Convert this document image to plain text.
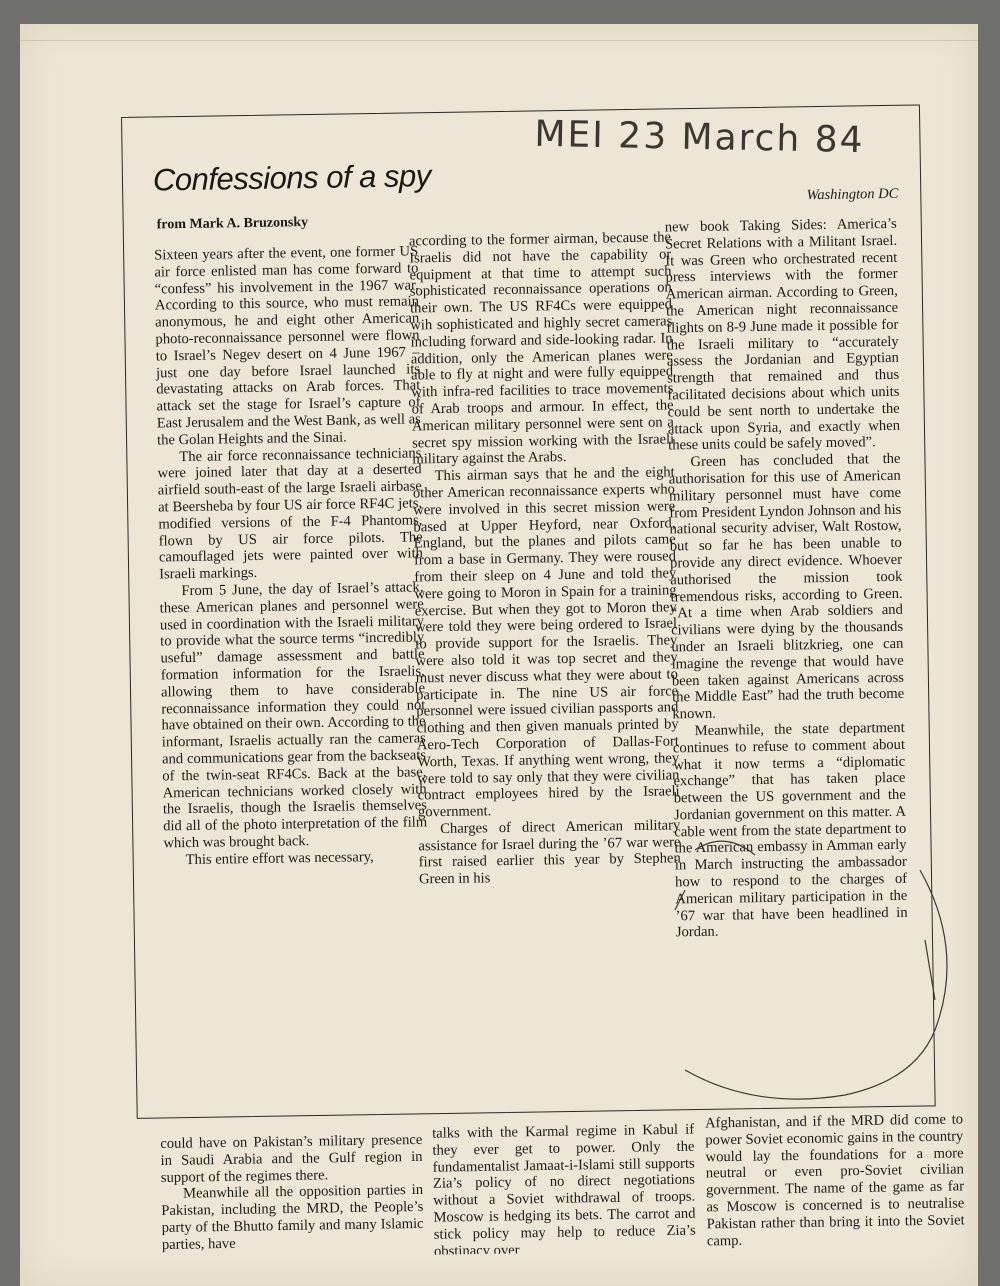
MEI 23 March 84
Confessions of a spy
from Mark A. Bruzonsky
Washington DC

Sixteen years after the event, one former US air force enlisted man has come forward to “confess” his involvement in the 1967 war. According to this source, who must remain anonymous, he and eight other American photo-reconnaissance personnel were flown to Israel’s Negev desert on 4 June 1967 – just one day before Israel launched its devastating attacks on Arab forces. That attack set the stage for Israel’s capture of East Jerusalem and the West Bank, as well as the Golan Heights and the Sinai.

The air force reconnaissance technicians were joined later that day at a deserted airfield south-east of the large Israeli airbase at Beersheba by four US air force RF4C jets, modified versions of the F-4 Phantoms, flown by US air force pilots. The camouflaged jets were painted over with Israeli markings.

From 5 June, the day of Israel’s attack, these American planes and personnel were used in coordination with the Israeli military to provide what the source terms “incredibly useful” damage assessment and battle formation information for the Israelis, allowing them to have considerable reconnaissance information they could not have obtained on their own. According to the informant, Israelis actually ran the cameras and communications gear from the backseats of the twin-seat RF4Cs. Back at the base, American technicians worked closely with the Israelis, though the Israelis themselves did all of the photo interpretation of the film which was brought back.

This entire effort was necessary,

according to the former airman, because the Israelis did not have the capability or equipment at that time to attempt such sophisticated reconnaissance operations on their own. The US RF4Cs were equipped wih sophisticated and highly secret cameras including forward and side-looking radar. In addition, only the American planes were able to fly at night and were fully equipped with infra-red facilities to trace movements of Arab troops and armour. In effect, the American military personnel were sent on a secret spy mission working with the Israeli military against the Arabs.

This airman says that he and the eight other American reconnaissance experts who were involved in this secret mission were based at Upper Heyford, near Oxford, England, but the planes and pilots came from a base in Germany. They were roused from their sleep on 4 June and told they were going to Moron in Spain for a training exercise. But when they got to Moron they were told they were being ordered to Israel to provide support for the Israelis. They were also told it was top secret and they must never discuss what they were about to participate in. The nine US air force personnel were issued civilian passports and clothing and then given manuals printed by Aero-Tech Corporation of Dallas-Fort Worth, Texas. If anything went wrong, they were told to say only that they were civilian contract employees hired by the Israeli government.

Charges of direct American military assistance for Israel during the ’67 war were first raised earlier this year by Stephen Green in his

new book Taking Sides: America’s Secret Relations with a Militant Israel. It was Green who orchestrated recent press interviews with the former American airman. According to Green, the American night reconnaissance flights on 8-9 June made it possible for the Israeli military to “accurately assess the Jordanian and Egyptian strength that remained and thus facilitated decisions about which units could be sent north to undertake the attack upon Syria, and exactly when these units could be safely moved”.

Green has concluded that the authorisation for this use of American military personnel must have come from President Lyndon Johnson and his national security adviser, Walt Rostow, but so far he has been unable to provide any direct evidence. Whoever authorised the mission took tremendous risks, according to Green. “At a time when Arab soldiers and civilians were dying by the thousands under an Israeli blitzkrieg, one can imagine the revenge that would have been taken against Americans across the Middle East” had the truth become known.

Meanwhile, the state department continues to refuse to comment about what it now terms a “diplomatic exchange” that has taken place between the US government and the Jordanian government on this matter. A cable went from the state department to the American embassy in Amman early in March instructing the ambassador how to respond to the charges of American military participation in the ’67 war that have been headlined in Jordan.

could have on Pakistan’s military presence in Saudi Arabia and the Gulf region in support of the regimes there.

Meanwhile all the opposition parties in Pakistan, including the MRD, the People’s party of the Bhutto family and many Islamic parties, have

talks with the Karmal regime in Kabul if they ever get to power. Only the fundamentalist Jamaat-i-Islami still supports Zia’s policy of no direct negotiations without a Soviet withdrawal of troops. Moscow is hedging its bets. The carrot and stick policy may help to reduce Zia’s obstinacy over

Afghanistan, and if the MRD did come to power Soviet economic gains in the country would lay the foundations for a more neutral or even pro-Soviet civilian government. The name of the game as far as Moscow is concerned is to neutralise Pakistan rather than bring it into the Soviet camp.
